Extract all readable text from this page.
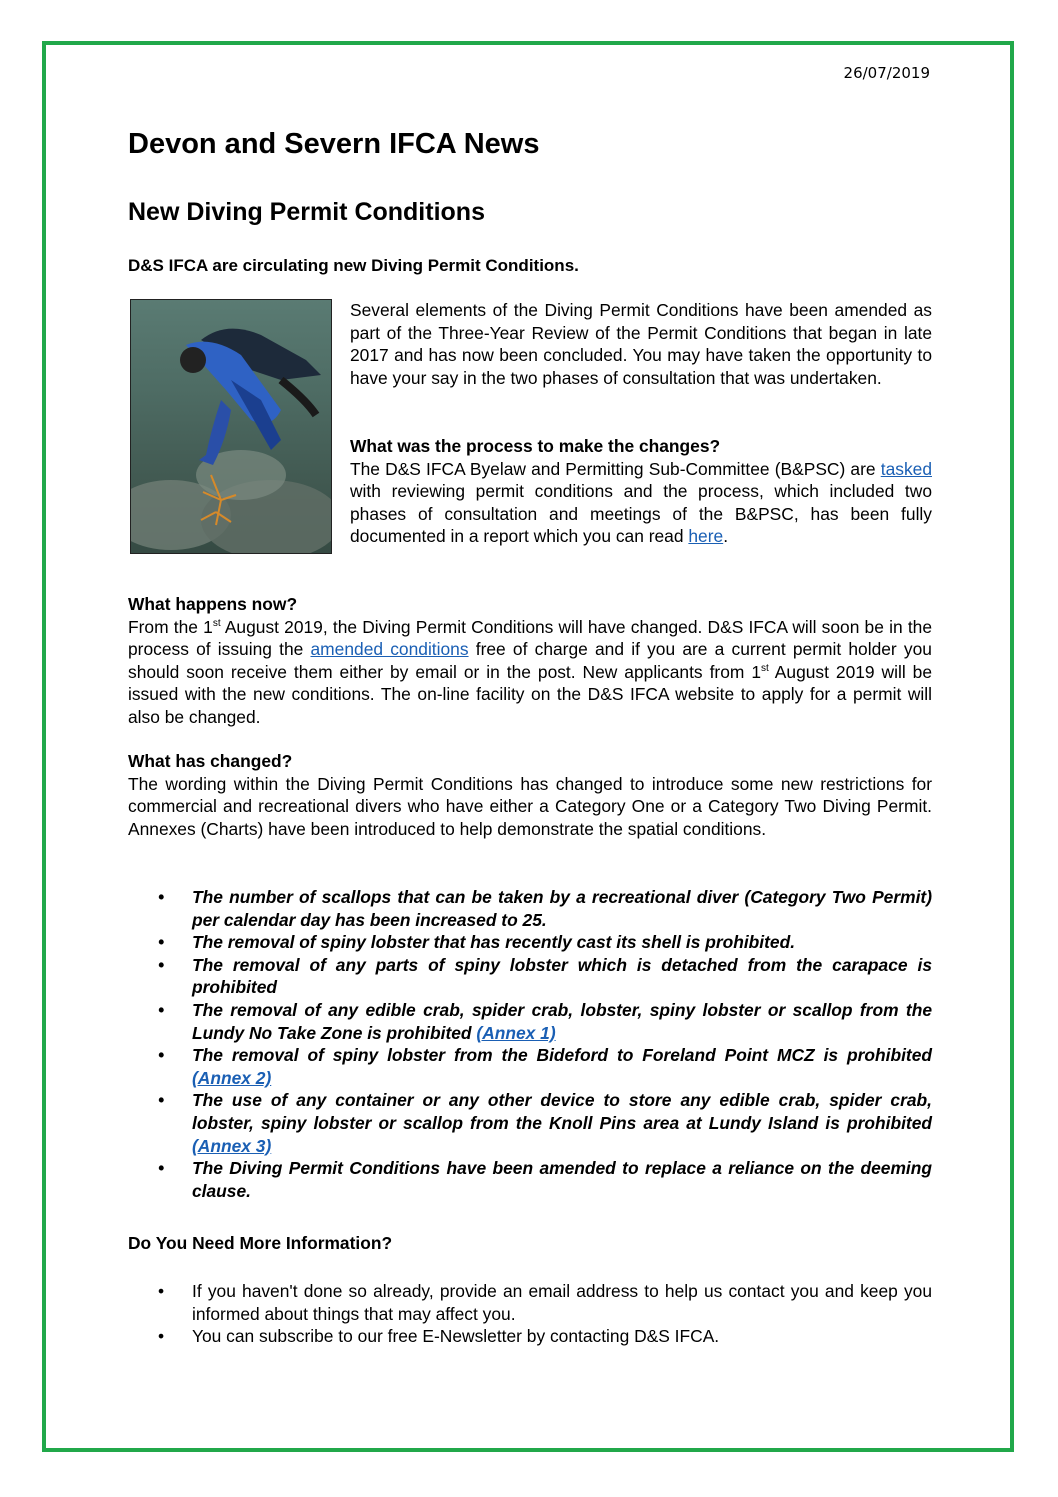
26/07/2019
Devon and Severn IFCA News
New Diving Permit Conditions
D&S IFCA are circulating new Diving Permit Conditions.

Several elements of the Diving Permit Conditions have been amended as part of the Three-Year Review of the Permit Conditions that began in late 2017 and has now been concluded. You may have taken the opportunity to have your say in the two phases of consultation that was undertaken.

What was the process to make the changes?
The D&S IFCA Byelaw and Permitting Sub-Committee (B&PSC) are tasked with reviewing permit conditions and the process, which included two phases of consultation and meetings of the B&PSC, has been fully documented in a report which you can read here.

What happens now?
From the 1st August 2019, the Diving Permit Conditions will have changed. D&S IFCA will soon be in the process of issuing the amended conditions free of charge and if you are a current permit holder you should soon receive them either by email or in the post. New applicants from 1st August 2019 will be issued with the new conditions. The on-line facility on the D&S IFCA website to apply for a permit will also be changed.

What has changed?
The wording within the Diving Permit Conditions has changed to introduce some new restrictions for commercial and recreational divers who have either a Category One or a Category Two Diving Permit. Annexes (Charts) have been introduced to help demonstrate the spatial conditions.

• The number of scallops that can be taken by a recreational diver (Category Two Permit) per calendar day has been increased to 25.
• The removal of spiny lobster that has recently cast its shell is prohibited.
• The removal of any parts of spiny lobster which is detached from the carapace is prohibited
• The removal of any edible crab, spider crab, lobster, spiny lobster or scallop from the Lundy No Take Zone is prohibited (Annex 1)
• The removal of spiny lobster from the Bideford to Foreland Point MCZ is prohibited (Annex 2)
• The use of any container or any other device to store any edible crab, spider crab, lobster, spiny lobster or scallop from the Knoll Pins area at Lundy Island is prohibited (Annex 3)
• The Diving Permit Conditions have been amended to replace a reliance on the deeming clause.

Do You Need More Information?

• If you haven't done so already, provide an email address to help us contact you and keep you informed about things that may affect you.
• You can subscribe to our free E-Newsletter by contacting D&S IFCA.
